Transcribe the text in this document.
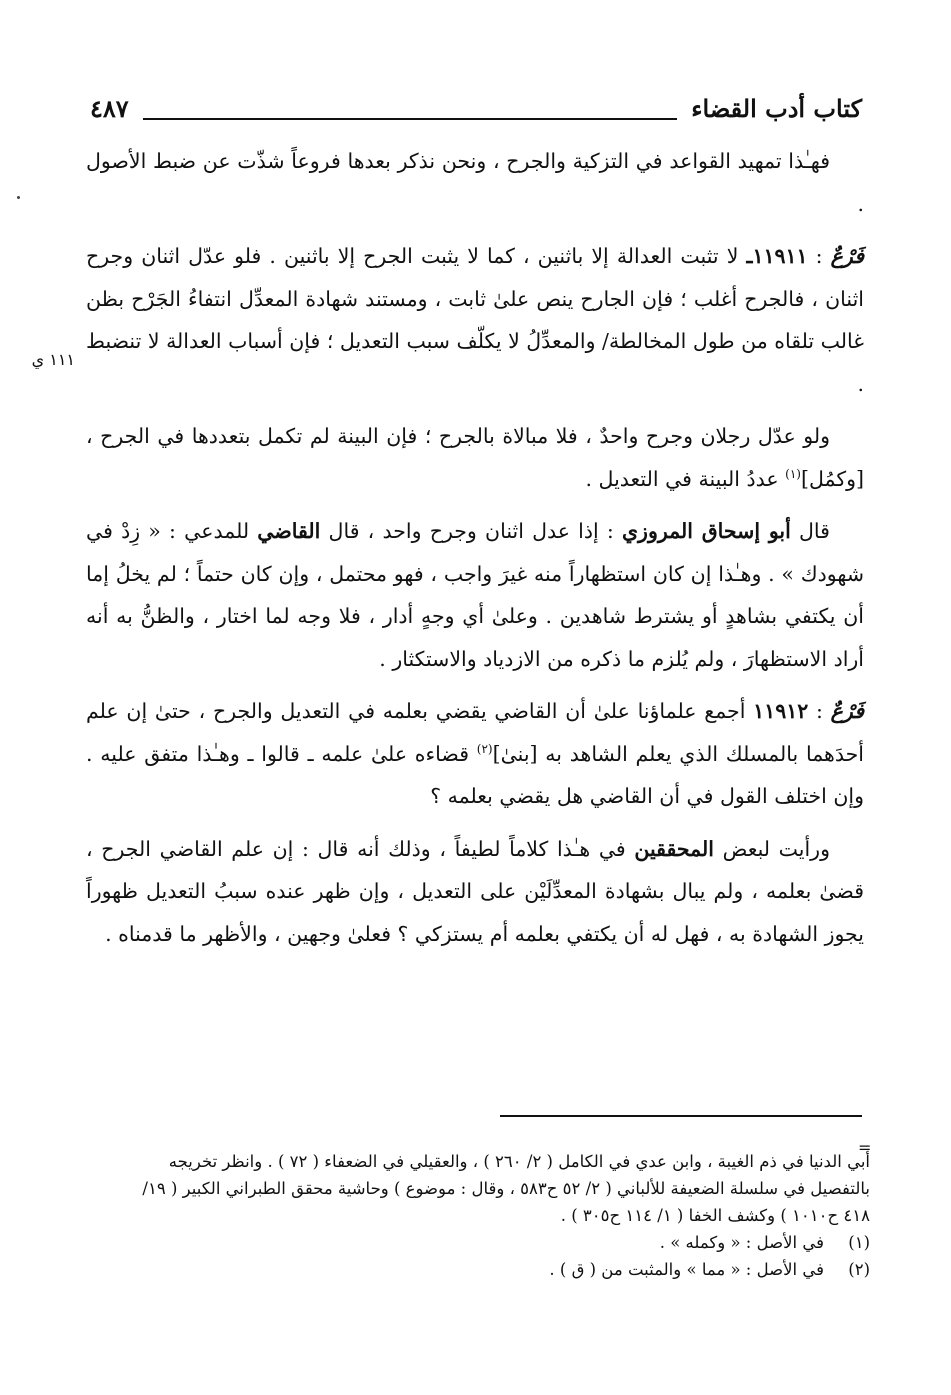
كتاب أدب القضاء
٤٨٧
١١١ ي

فهـٰذا تمهيد القواعد في التزكية والجرح ، ونحن نذكر بعدها فروعاً شذّت عن ضبط الأصول .

فَرْعٌ : ١١٩١١ـ لا تثبت العدالة إلا باثنين ، كما لا يثبت الجرح إلا باثنين . فلو عدّل اثنان وجرح اثنان ، فالجرح أغلب ؛ فإن الجارح ينص علىٰ ثابت ، ومستند شهادة المعدِّل انتفاءُ الجَرْح بظن غالب تلقاه من طول المخالطة/ والمعدِّلُ لا يكلّف سبب التعديل ؛ فإن أسباب العدالة لا تنضبط .

ولو عدّل رجلان وجرح واحدٌ ، فلا مبالاة بالجرح ؛ فإن البينة لم تكمل بتعددها في الجرح ، [وكمُل]$^{(١)}$ عددُ البينة في التعديل .

قال أبو إسحاق المروزي : إذا عدل اثنان وجرح واحد ، قال القاضي للمدعي : « زِدْ في شهودك » . وهـٰذا إن كان استظهاراً منه غيرَ واجب ، فهو محتمل ، وإن كان حتماً ؛ لم يخلُ إما أن يكتفي بشاهدٍ أو يشترط شاهدين . وعلىٰ أي وجهٍ أدار ، فلا وجه لما اختار ، والظنُّ به أنه أراد الاستظهارَ ، ولم يُلزم ما ذكره من الازدياد والاستكثار .

فَرْعٌ : ١١٩١٢ أجمع علماؤنا علىٰ أن القاضي يقضي بعلمه في التعديل والجرح ، حتىٰ إن علم أحدَهما بالمسلك الذي يعلم الشاهد به [بنىٰ]$^{(٢)}$ قضاءه علىٰ علمه ـ قالوا ـ وهـٰذا متفق عليه . وإن اختلف القول في أن القاضي هل يقضي بعلمه ؟

ورأيت لبعض المحققين في هـٰذا كلاماً لطيفاً ، وذلك أنه قال : إن علم القاضي الجرح ، قضىٰ بعلمه ، ولم يبال بشهادة المعدِّلَيْن على التعديل ، وإن ظهر عنده سببُ التعديل ظهوراً يجوز الشهادة به ، فهل له أن يكتفي بعلمه أم يستزكي ؟ فعلىٰ وجهين ، والأظهر ما قدمناه .

=
أبي الدنيا في ذم الغيبة ، وابن عدي في الكامل ( ٢/ ٢٦٠ ) ، والعقيلي في الضعفاء ( ٧٢ ) . وانظر تخريجه بالتفصيل في سلسلة الضعيفة للألباني ( ٢/ ٥٢ ح٥٨٣ ، وقال : موضوع ) وحاشية محقق الطبراني الكبير ( ١٩/ ٤١٨ ح١٠١٠ ) وكشف الخفا ( ١/ ١١٤ ح٣٠٥ ) .
(١)
في الأصل : « وكمله » .
(٢)
في الأصل : « مما » والمثبت من ( ق ) .
